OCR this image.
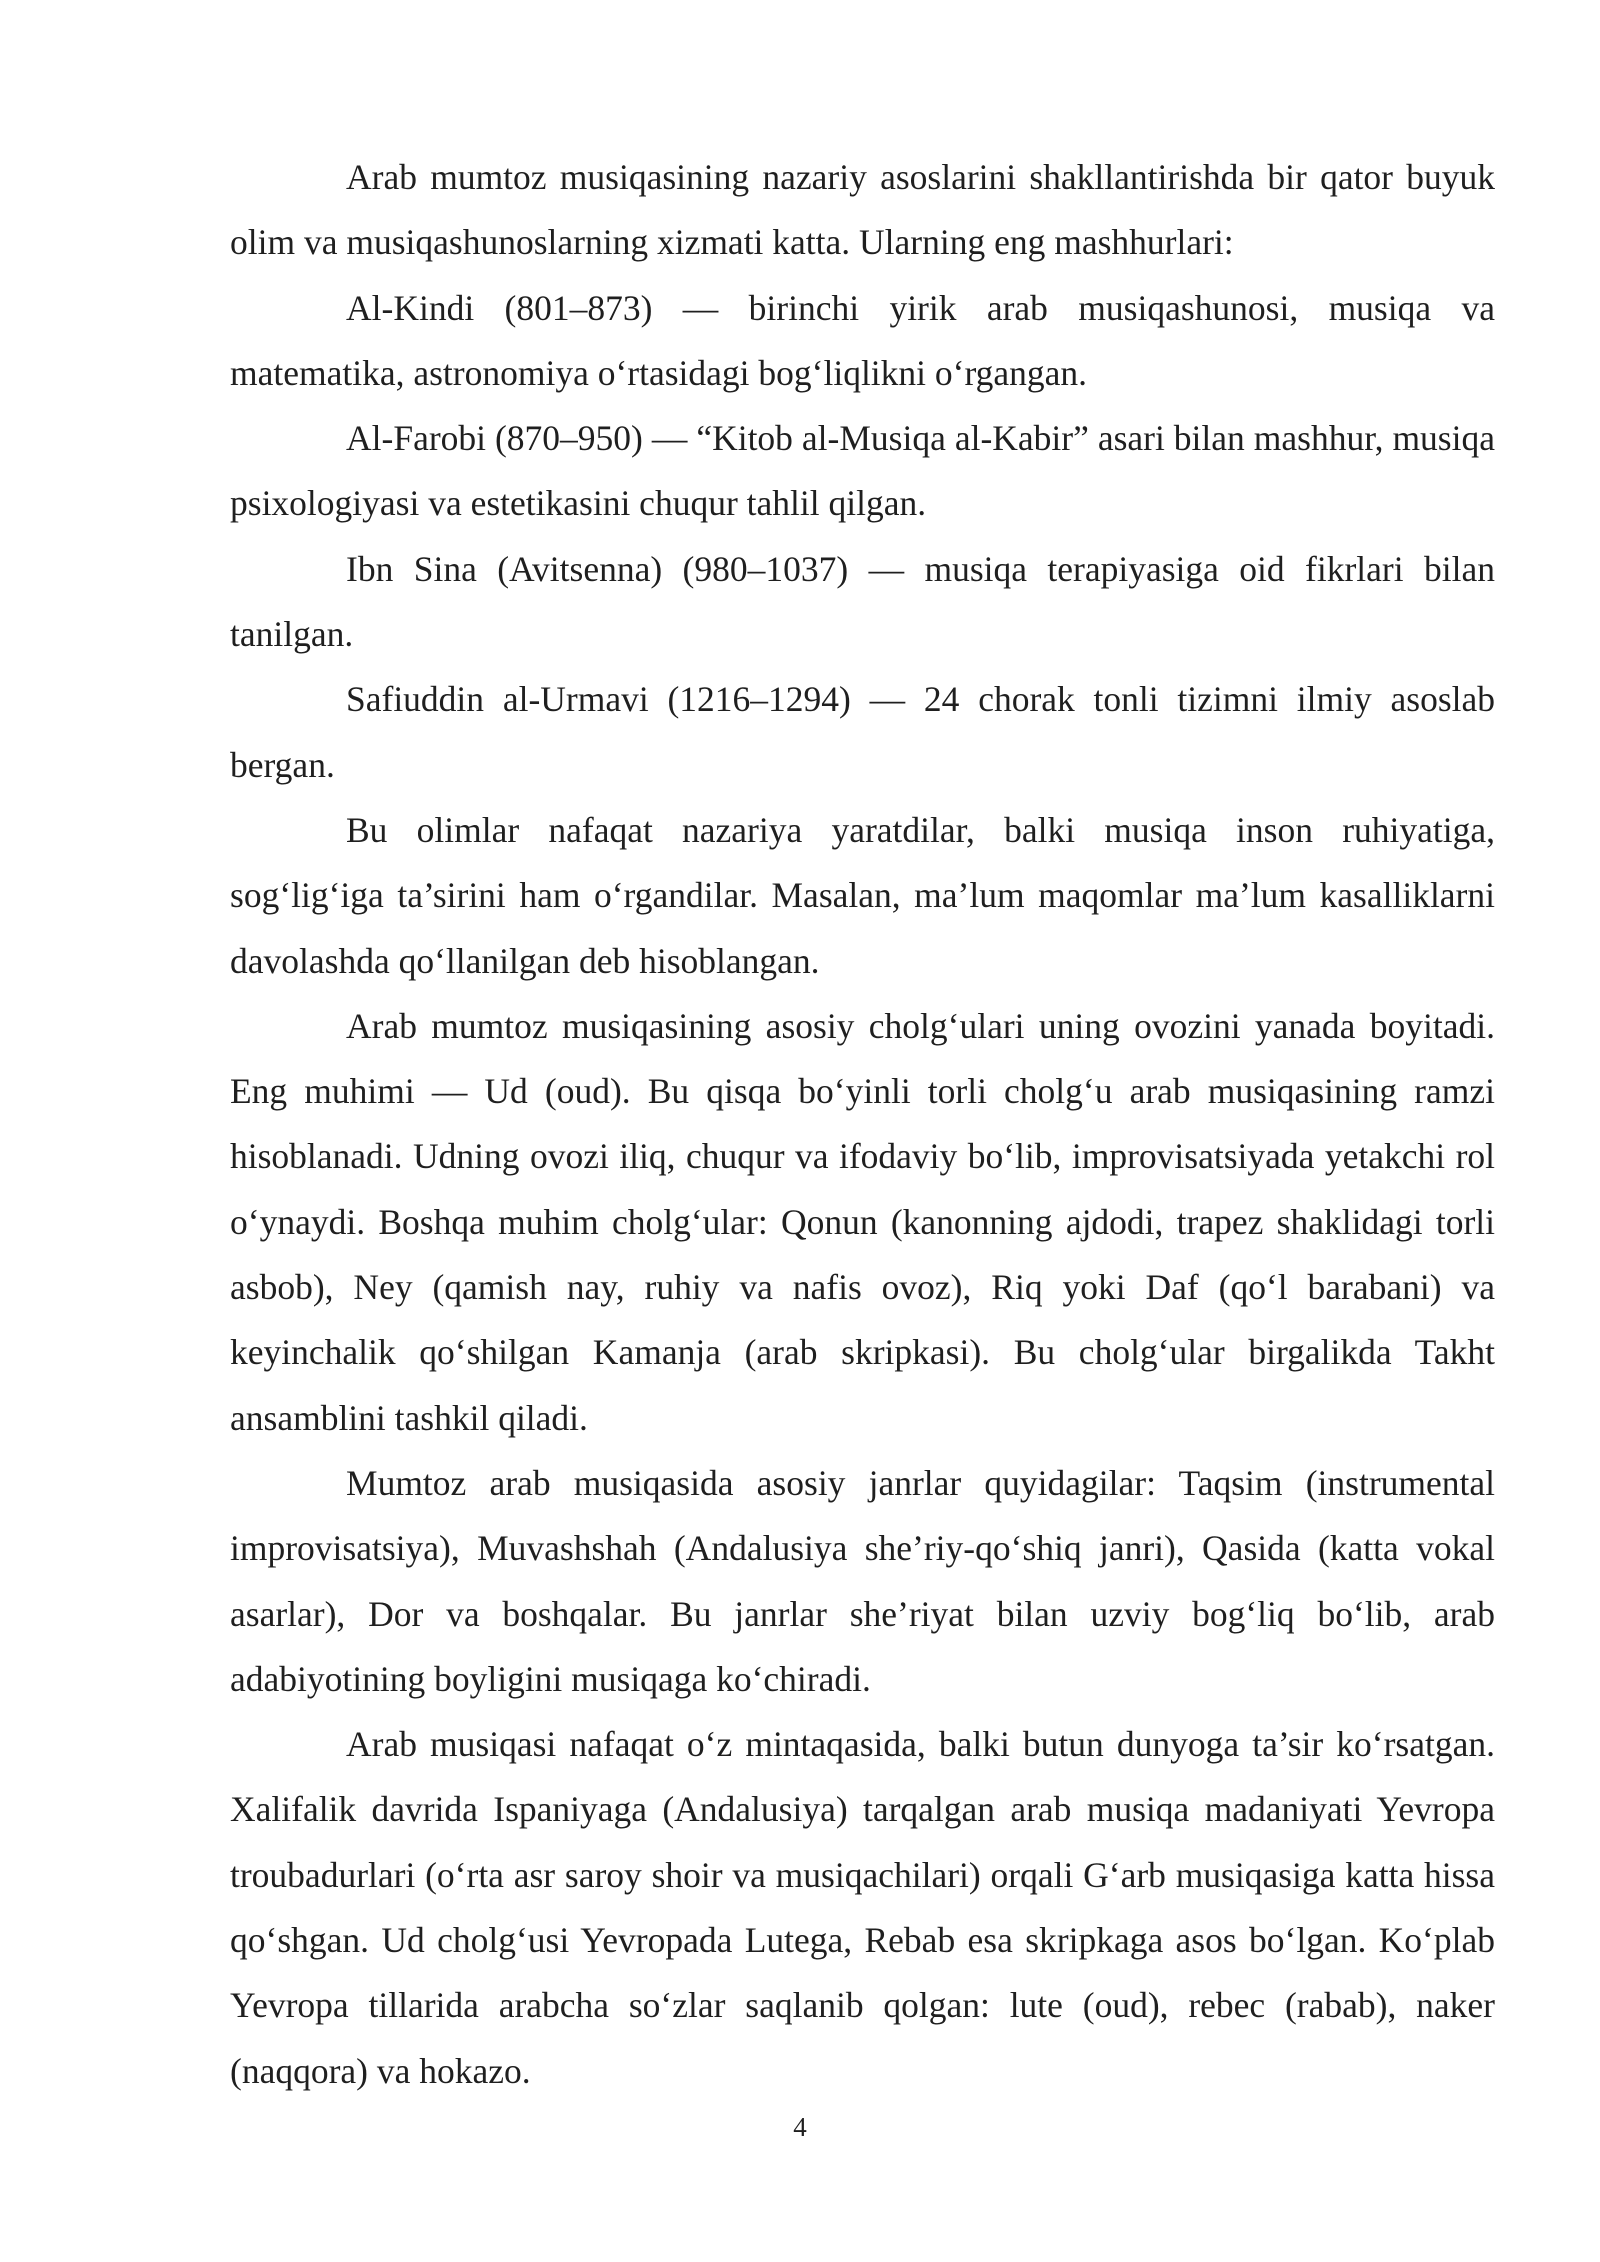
Arab mumtoz musiqasining nazariy asoslarini shakllantirishda bir qator buyuk olim va musiqashunoslarning xizmati katta. Ularning eng mashhurlari:

Al-Kindi (801–873) — birinchi yirik arab musiqashunosi, musiqa va matematika, astronomiya o‘rtasidagi bog‘liqlikni o‘rgangan.

Al-Farobi (870–950) — “Kitob al-Musiqa al-Kabir” asari bilan mashhur, musiqa psixologiyasi va estetikasini chuqur tahlil qilgan.

Ibn Sina (Avitsenna) (980–1037) — musiqa terapiyasiga oid fikrlari bilan tanilgan.

Safiuddin al-Urmavi (1216–1294) — 24 chorak tonli tizimni ilmiy asoslab bergan.

Bu olimlar nafaqat nazariya yaratdilar, balki musiqa inson ruhiyatiga, sog‘lig‘iga ta’sirini ham o‘rgandilar. Masalan, ma’lum maqomlar ma’lum kasalliklarni davolashda qo‘llanilgan deb hisoblangan.

Arab mumtoz musiqasining asosiy cholg‘ulari uning ovozini yanada boyitadi. Eng muhimi — Ud (oud). Bu qisqa bo‘yinli torli cholg‘u arab musiqasining ramzi hisoblanadi. Udning ovozi iliq, chuqur va ifodaviy bo‘lib, improvisatsiyada yetakchi rol o‘ynaydi. Boshqa muhim cholg‘ular: Qonun (kanonning ajdodi, trapez shaklidagi torli asbob), Ney (qamish nay, ruhiy va nafis ovoz), Riq yoki Daf (qo‘l barabani) va keyinchalik qo‘shilgan Kamanja (arab skripkasi). Bu cholg‘ular birgalikda Takht ansamblini tashkil qiladi.

Mumtoz arab musiqasida asosiy janrlar quyidagilar: Taqsim (instrumental improvisatsiya), Muvashshah (Andalusiya she’riy-qo‘shiq janri), Qasida (katta vokal asarlar), Dor va boshqalar. Bu janrlar she’riyat bilan uzviy bog‘liq bo‘lib, arab adabiyotining boyligini musiqaga ko‘chiradi.

Arab musiqasi nafaqat o‘z mintaqasida, balki butun dunyoga ta’sir ko‘rsatgan. Xalifalik davrida Ispaniyaga (Andalusiya) tarqalgan arab musiqa madaniyati Yevropa troubadurlari (o‘rta asr saroy shoir va musiqachilari) orqali G‘arb musiqasiga katta hissa qo‘shgan. Ud cholg‘usi Yevropada Lutega, Rebab esa skripkaga asos bo‘lgan. Ko‘plab Yevropa tillarida arabcha so‘zlar saqlanib qolgan: lute (oud), rebec (rabab), naker (naqqora) va hokazo.

4
